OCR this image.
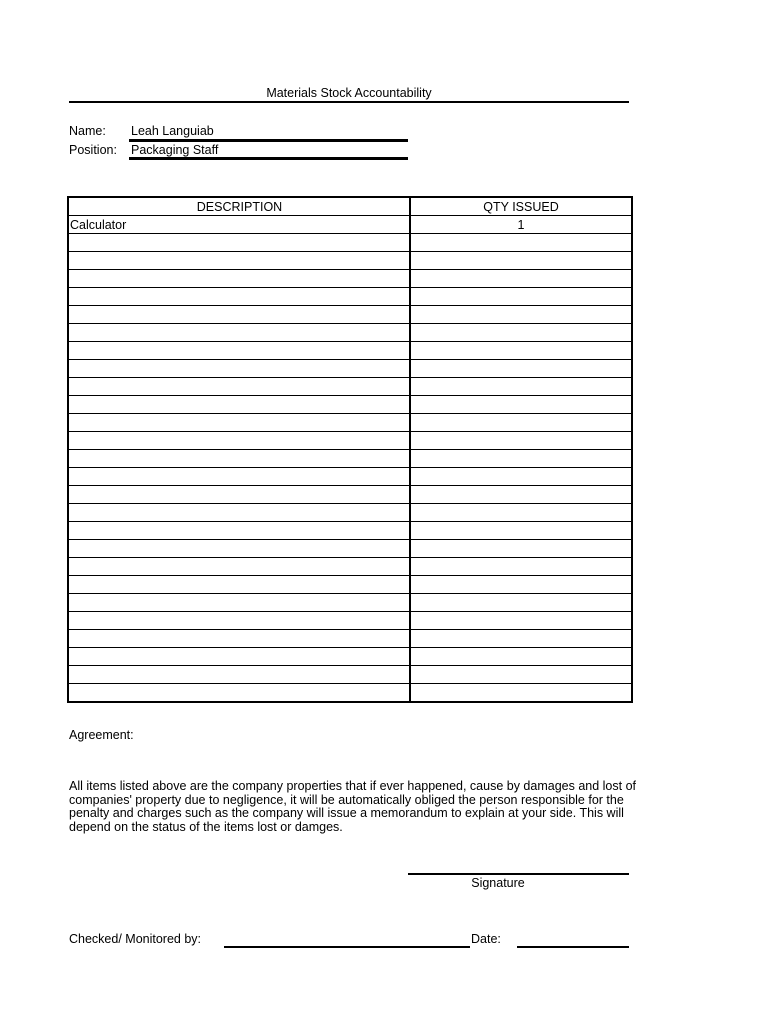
Materials Stock Accountability
Name: Leah Languiab
Position: Packaging Staff
DESCRIPTION	QTY ISSUED
Calculator	1

Agreement:
All items listed above are the company properties that if ever happened, cause by damages and lost of companies' property due to negligence, it will be automatically obliged the person responsible for the penalty and charges such as the company will issue a memorandum to explain at your side. This will depend on the status of the items lost or damges.
Signature
Checked/ Monitored by:	Date:
